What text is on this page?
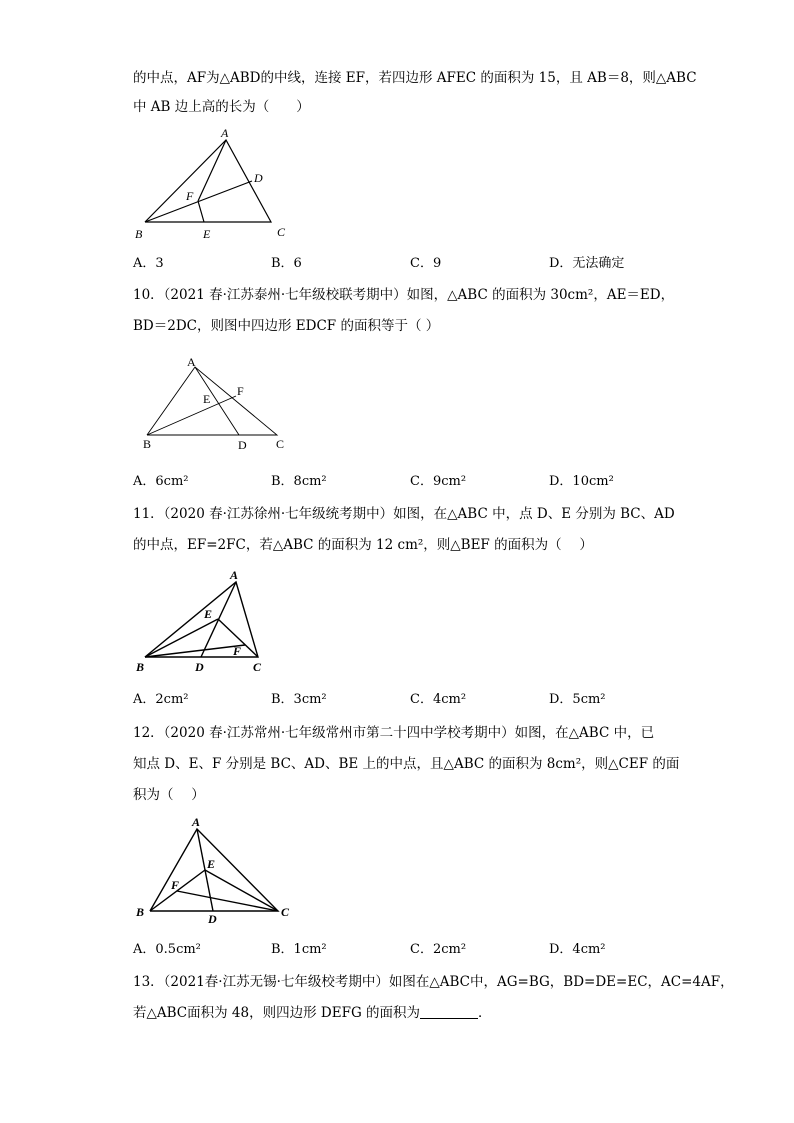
的中点，AF为△ABD的中线，连接 EF，若四边形 AFEC 的面积为 15，且 AB＝8，则△ABC
中 AB 边上高的长为（　　）
A
B	C
D
E
F
A．3	B．6	C．9	D．无法确定
10．（2021 春·江苏泰州·七年级校联考期中）如图，△ABC 的面积为 30cm²，AE＝ED，
BD＝2DC，则图中四边形 EDCF 的面积等于（ ）
A
B	C
D
E
F
A．6cm²	B．8cm²	C．9cm²	D．10cm²
11．（2020 春·江苏徐州·七年级统考期中）如图，在△ABC 中，点 D、E 分别为 BC、AD
的中点，EF=2FC，若△ABC 的面积为 12 cm²，则△BEF 的面积为（　 ）
A
B	C
D
E
F
A．2cm²	B．3cm²	C．4cm²	D．5cm²
12．（2020 春·江苏常州·七年级常州市第二十四中学校考期中）如图，在△ABC 中，已
知点 D、E、F 分别是 BC、AD、BE 上的中点，且△ABC 的面积为 8cm²，则△CEF 的面
积为（　 ）
A
B	C
D
E
F
A．0.5cm²	B．1cm²	C．2cm²	D．4cm²
13．（2021春·江苏无锡·七年级校考期中）如图在△ABC中，AG=BG，BD=DE=EC，AC=4AF，
若△ABC面积为 48，则四边形 DEFG 的面积为	．
